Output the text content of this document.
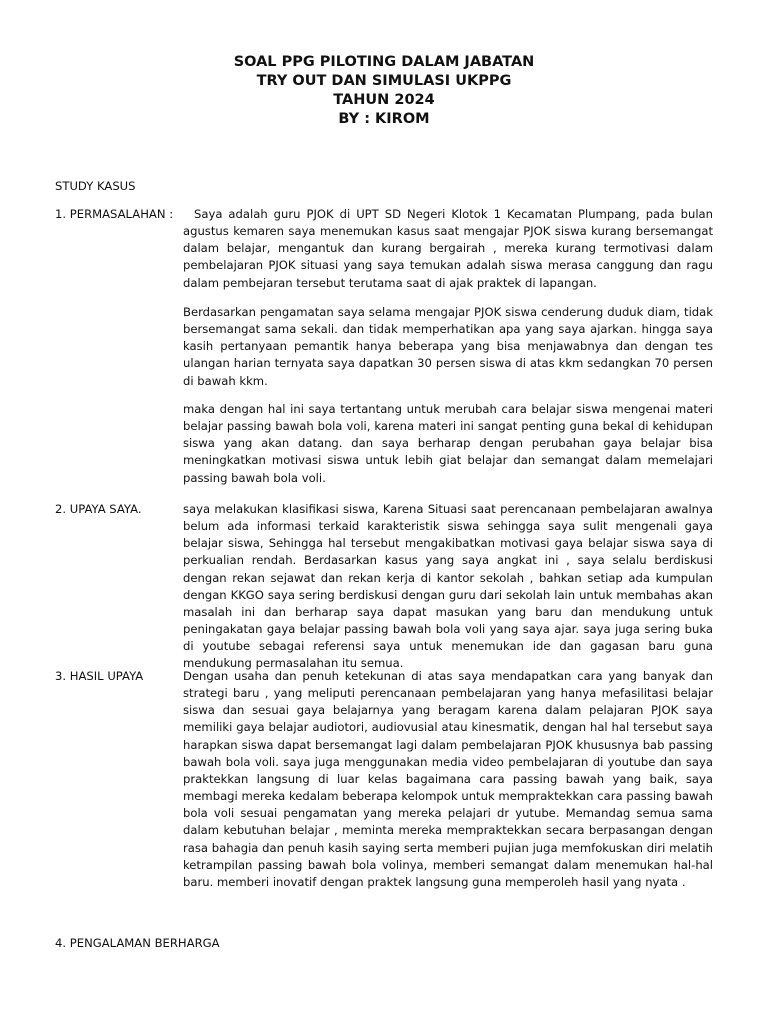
SOAL PPG PILOTING DALAM JABATAN
TRY OUT DAN SIMULASI UKPPG
TAHUN 2024
BY : KIROM
STUDY KASUS
1. PERMASALAHAN :	Saya adalah guru PJOK di UPT SD Negeri Klotok 1 Kecamatan Plumpang, pada bulan agustus kemaren saya menemukan kasus saat mengajar PJOK siswa kurang bersemangat dalam belajar, mengantuk dan kurang bergairah , mereka kurang termotivasi dalam pembelajaran PJOK situasi yang saya temukan adalah siswa merasa canggung dan ragu dalam pembejaran tersebut terutama saat di ajak praktek di lapangan.
Berdasarkan pengamatan saya selama mengajar PJOK siswa cenderung duduk diam, tidak bersemangat sama sekali. dan tidak memperhatikan apa yang saya ajarkan. hingga saya kasih pertanyaan pemantik hanya beberapa yang bisa menjawabnya dan dengan tes ulangan harian ternyata saya dapatkan 30 persen siswa di atas kkm sedangkan 70 persen di bawah kkm.
maka dengan hal ini saya tertantang untuk merubah cara belajar siswa mengenai materi belajar passing bawah bola voli, karena materi ini sangat penting guna bekal di kehidupan siswa yang akan datang. dan saya berharap dengan perubahan gaya belajar bisa meningkatkan motivasi siswa untuk lebih giat belajar dan semangat dalam memelajari passing bawah bola voli.
2. UPAYA SAYA.	saya melakukan klasifikasi siswa, Karena Situasi saat perencanaan pembelajaran awalnya belum ada informasi terkaid karakteristik siswa sehingga saya sulit mengenali gaya belajar siswa, Sehingga hal tersebut mengakibatkan motivasi gaya belajar siswa saya di perkualian rendah. Berdasarkan kasus yang saya angkat ini , saya selalu berdiskusi dengan rekan sejawat dan rekan kerja di kantor sekolah , bahkan setiap ada kumpulan dengan KKGO saya sering berdiskusi dengan guru dari sekolah lain untuk membahas akan masalah ini dan berharap saya dapat masukan yang baru dan mendukung untuk peningakatan gaya belajar passing bawah bola voli yang saya ajar. saya juga sering buka di youtube sebagai referensi saya untuk menemukan ide dan gagasan baru guna mendukung permasalahan itu semua.
3. HASIL UPAYA	Dengan usaha dan penuh ketekunan di atas saya mendapatkan cara yang banyak dan strategi baru , yang meliputi perencanaan pembelajaran yang hanya mefasilitasi belajar siswa dan sesuai gaya belajarnya yang beragam karena dalam pelajaran PJOK saya memiliki gaya belajar audiotori, audiovusial atau kinesmatik, dengan hal hal tersebut saya harapkan siswa dapat bersemangat lagi dalam pembelajaran PJOK khususnya bab passing bawah bola voli. saya juga menggunakan media video pembelajaran di youtube dan saya praktekkan langsung di luar kelas bagaimana cara passing bawah yang baik, saya membagi mereka kedalam beberapa kelompok untuk mempraktekkan cara passing bawah bola voli sesuai pengamatan yang mereka pelajari dr yutube. Memandag semua sama dalam kebutuhan belajar , meminta mereka mempraktekkan secara berpasangan dengan rasa bahagia dan penuh kasih saying serta memberi pujian juga memfokuskan diri melatih ketrampilan passing bawah bola volinya, memberi semangat dalam menemukan hal-hal baru. memberi inovatif dengan praktek langsung guna memperoleh hasil yang nyata .
4. PENGALAMAN BERHARGA
